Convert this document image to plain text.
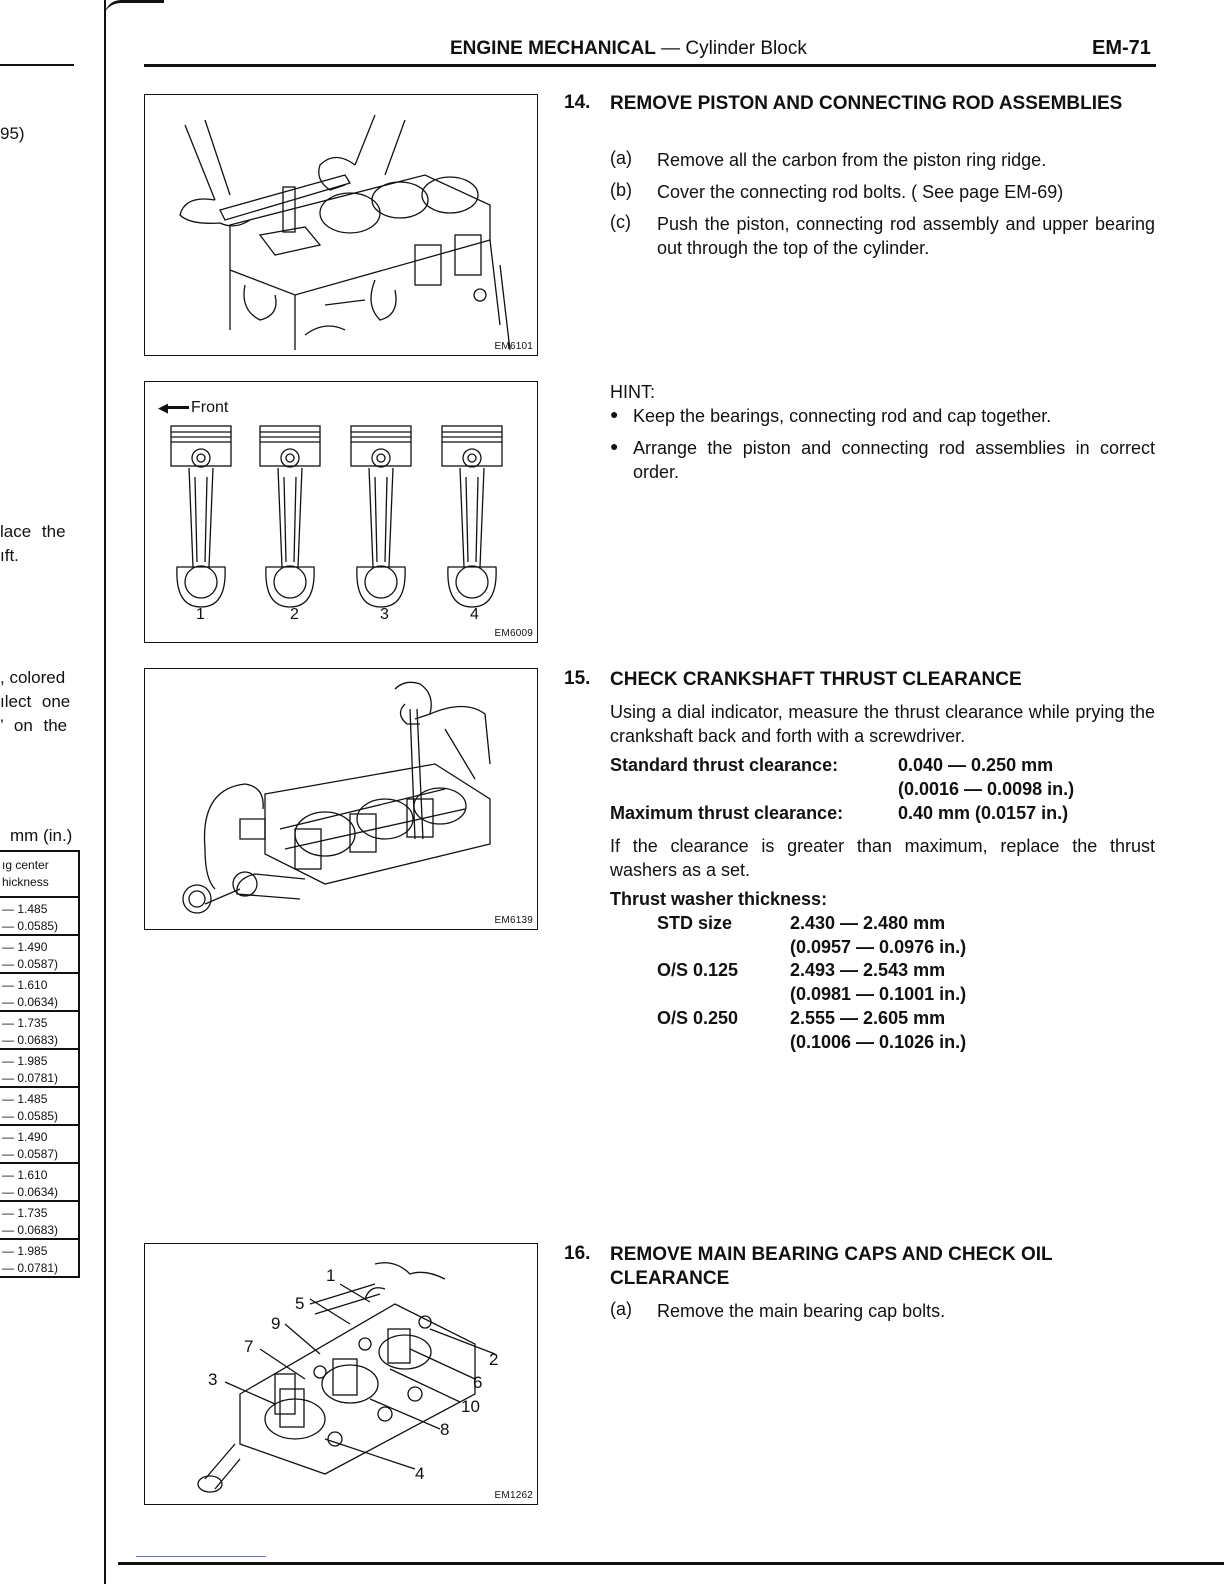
95)
lace the
ıft.
, colored
ılect one
’ on the
mm (in.)
ıg center
hickness
— 1.485
— 0.0585)
— 1.490
— 0.0587)
— 1.610
— 0.0634)
— 1.735
— 0.0683)
— 1.985
— 0.0781)
— 1.485
— 0.0585)
— 1.490
— 0.0587)
— 1.610
— 0.0634)
— 1.735
— 0.0683)
— 1.985
— 0.0781)
ENGINE MECHANICAL — Cylinder Block	EM-71
EM6101
◀ Front
1	2	3	4
EM6009
EM6139
1
5
9
7
3
2
6
10
8
4
EM1262
14. REMOVE PISTON AND CONNECTING ROD ASSEMBLIES
(a) Remove all the carbon from the piston ring ridge.
(b) Cover the connecting rod bolts. ( See page EM-69)
(c) Push the piston, connecting rod assembly and upper bearing out through the top of the cylinder.
HINT:
● Keep the bearings, connecting rod and cap together.
● Arrange the piston and connecting rod assemblies in correct order.
15. CHECK CRANKSHAFT THRUST CLEARANCE
Using a dial indicator, measure the thrust clearance while prying the crankshaft back and forth with a screwdriver.
Standard thrust clearance:	0.040 — 0.250 mm
(0.0016 — 0.0098 in.)
Maximum thrust clearance:	0.40 mm (0.0157 in.)
If the clearance is greater than maximum, replace the thrust washers as a set.
Thrust washer thickness:
STD size	2.430 — 2.480 mm
(0.0957 — 0.0976 in.)
O/S 0.125	2.493 — 2.543 mm
(0.0981 — 0.1001 in.)
O/S 0.250	2.555 — 2.605 mm
(0.1006 — 0.1026 in.)
16. REMOVE MAIN BEARING CAPS AND CHECK OIL CLEARANCE
(a) Remove the main bearing cap bolts.
